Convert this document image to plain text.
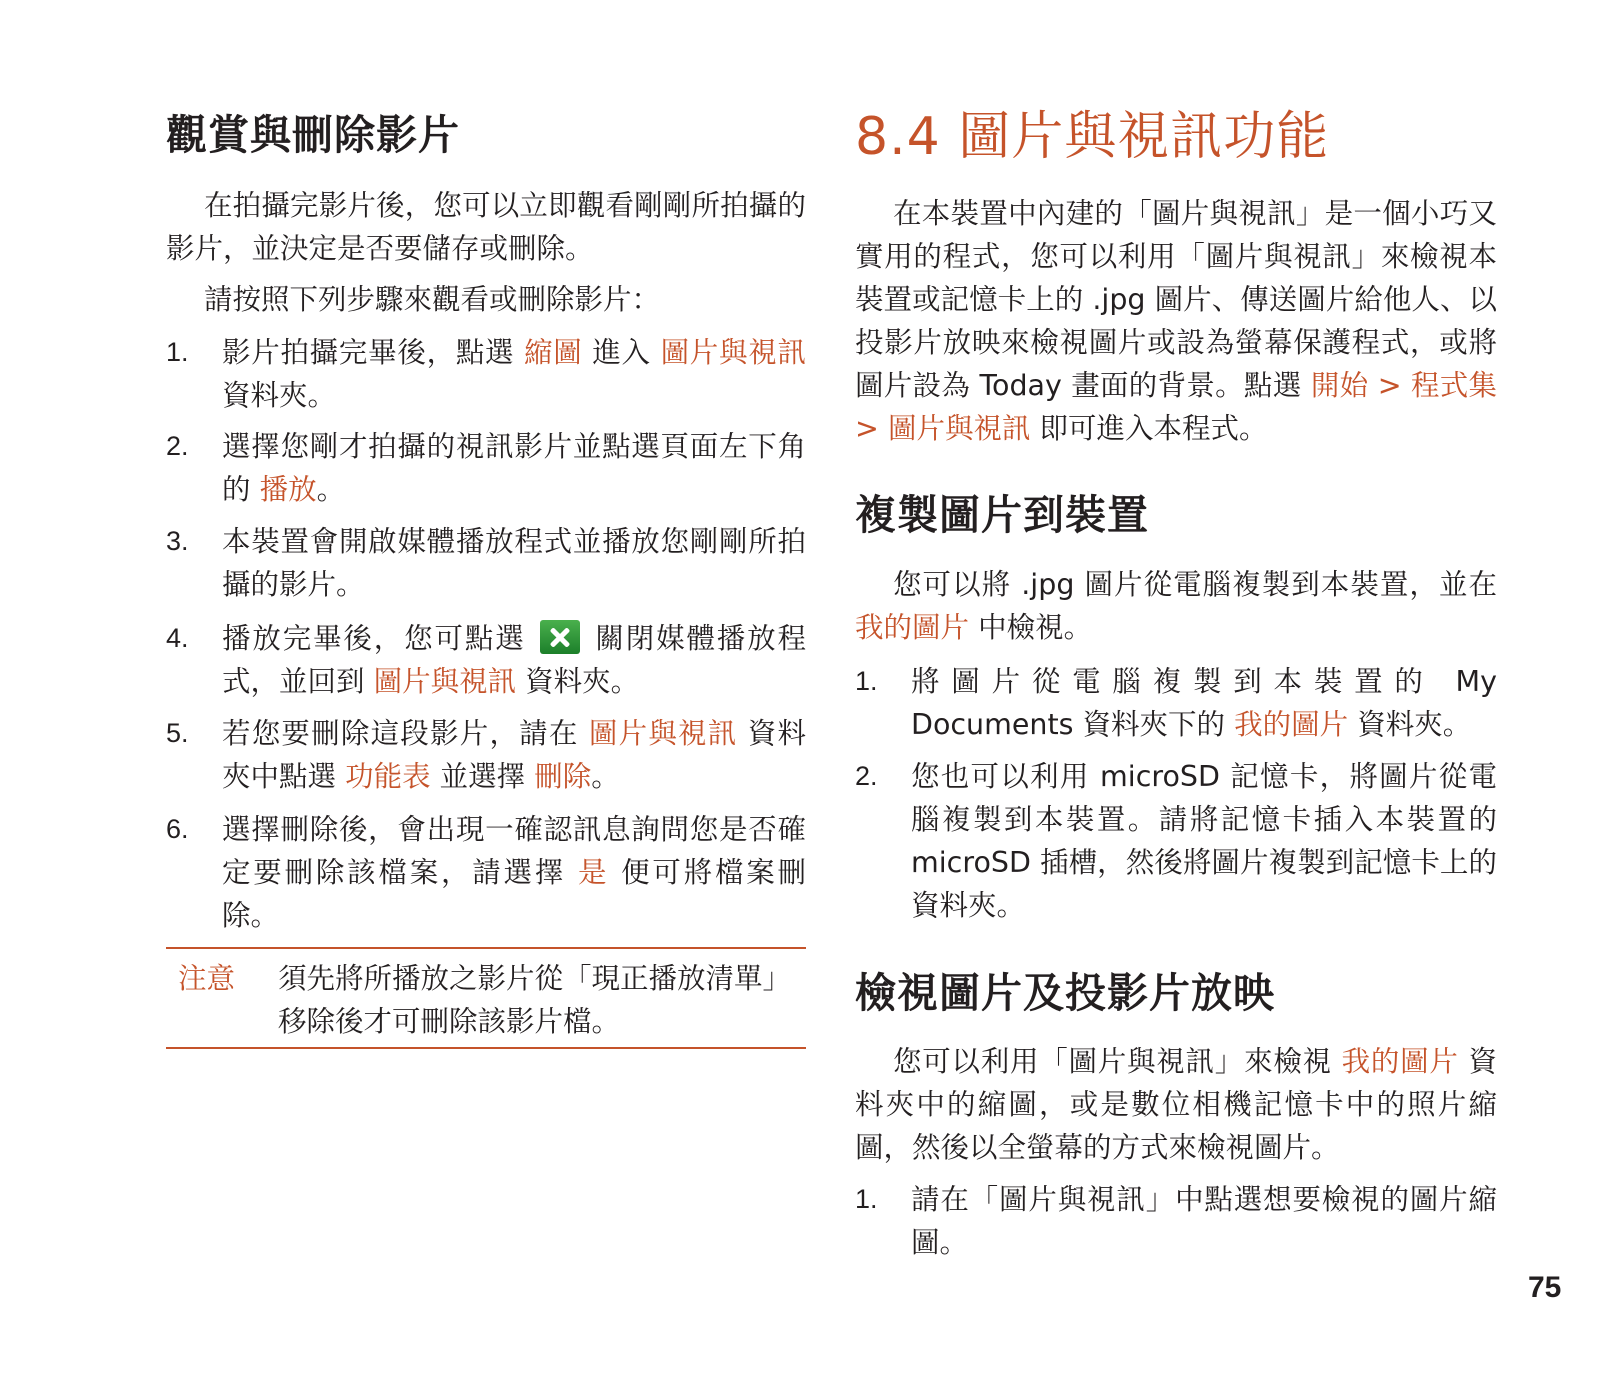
觀賞與刪除影片

在拍攝完影片後，您可以立即觀看剛剛所拍攝的影片，並決定是否要儲存或刪除。

請按照下列步驟來觀看或刪除影片：

1. 影片拍攝完畢後，點選 縮圖 進入 圖片與視訊資料夾。

2. 選擇您剛才拍攝的視訊影片並點選頁面左下角的 播放。

3. 本裝置會開啟媒體播放程式並播放您剛剛所拍攝的影片。

4. 播放完畢後，您可點選  關閉媒體播放程式，並回到 圖片與視訊 資料夾。

5. 若您要刪除這段影片，請在 圖片與視訊 資料夾中點選 功能表 並選擇 刪除。

6. 選擇刪除後，會出現一確認訊息詢問您是否確定要刪除該檔案，請選擇 是 便可將檔案刪除。

注意 須先將所播放之影片從「現正播放清單」移除後才可刪除該影片檔。

8.4 圖片與視訊功能

在本裝置中內建的「圖片與視訊」是一個小巧又實用的程式，您可以利用「圖片與視訊」來檢視本裝置或記憶卡上的 .jpg 圖片、傳送圖片給他人、以投影片放映來檢視圖片或設為螢幕保護程式，或將圖片設為 Today 畫面的背景。點選 開始 > 程式集 > 圖片與視訊 即可進入本程式。

複製圖片到裝置

您可以將 .jpg 圖片從電腦複製到本裝置，並在 我的圖片 中檢視。

1. 將圖片從電腦複製到本裝置的 My Documents 資料夾下的 我的圖片 資料夾。

2. 您也可以利用 microSD 記憶卡，將圖片從電腦複製到本裝置。請將記憶卡插入本裝置的 microSD 插槽，然後將圖片複製到記憶卡上的資料夾。

檢視圖片及投影片放映

您可以利用「圖片與視訊」來檢視 我的圖片 資料夾中的縮圖，或是數位相機記憶卡中的照片縮圖，然後以全螢幕的方式來檢視圖片。

1. 請在「圖片與視訊」中點選想要檢視的圖片縮圖。

75
